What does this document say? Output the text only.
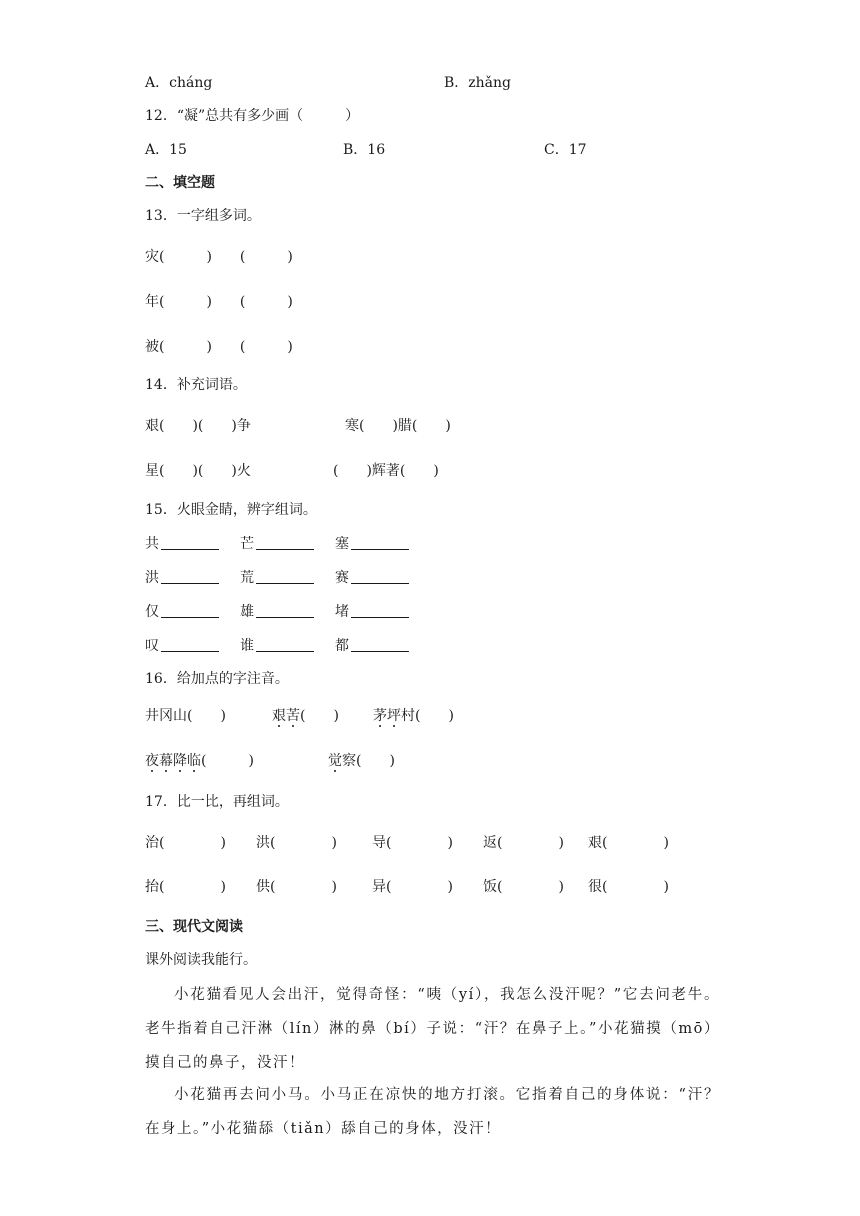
A．cháng	B．zhǎng
12．“凝”总共有多少画（　　　）
A．15	B．16	C．17
二、填空题
13．一字组多词。
灾(　　　)　　(　　　)
年(　　　)　　(　　　)
被(　　　)　　(　　　)
14．补充词语。
艰(　　)(　　)争	寒(　　)腊(　　)
星(　　)(　　)火	(　　)辉著(　　)
15．火眼金睛，辨字组词。
共	芒	塞
洪	荒	赛
仅	雄	堵
叹	谁	都
16．给加点的字注音。
井冈山(　　)	艰苦(　　) 茅坪村(　　)
夜幕降临(　　　)	觉察(　　)
17．比一比，再组词。
治(　　　　) 洪(　　　　)	导(　　　　) 返(　　　　) 艰(　　　　)
抬(　　　　) 供(　　　　)	异(　　　　) 饭(　　　　) 很(　　　　)
三、现代文阅读
课外阅读我能行。
小花猫看见人会出汗，觉得奇怪：“咦（yí），我怎么没汗呢？”它去问老牛。老牛指着自己汗淋（lín）淋的鼻（bí）子说：“汗？在鼻子上。”小花猫摸（mō）摸自己的鼻子，没汗！
小花猫再去问小马。小马正在凉快的地方打滚。它指着自己的身体说：“汗？在身上。”小花猫舔（tiǎn）舔自己的身体，没汗！
